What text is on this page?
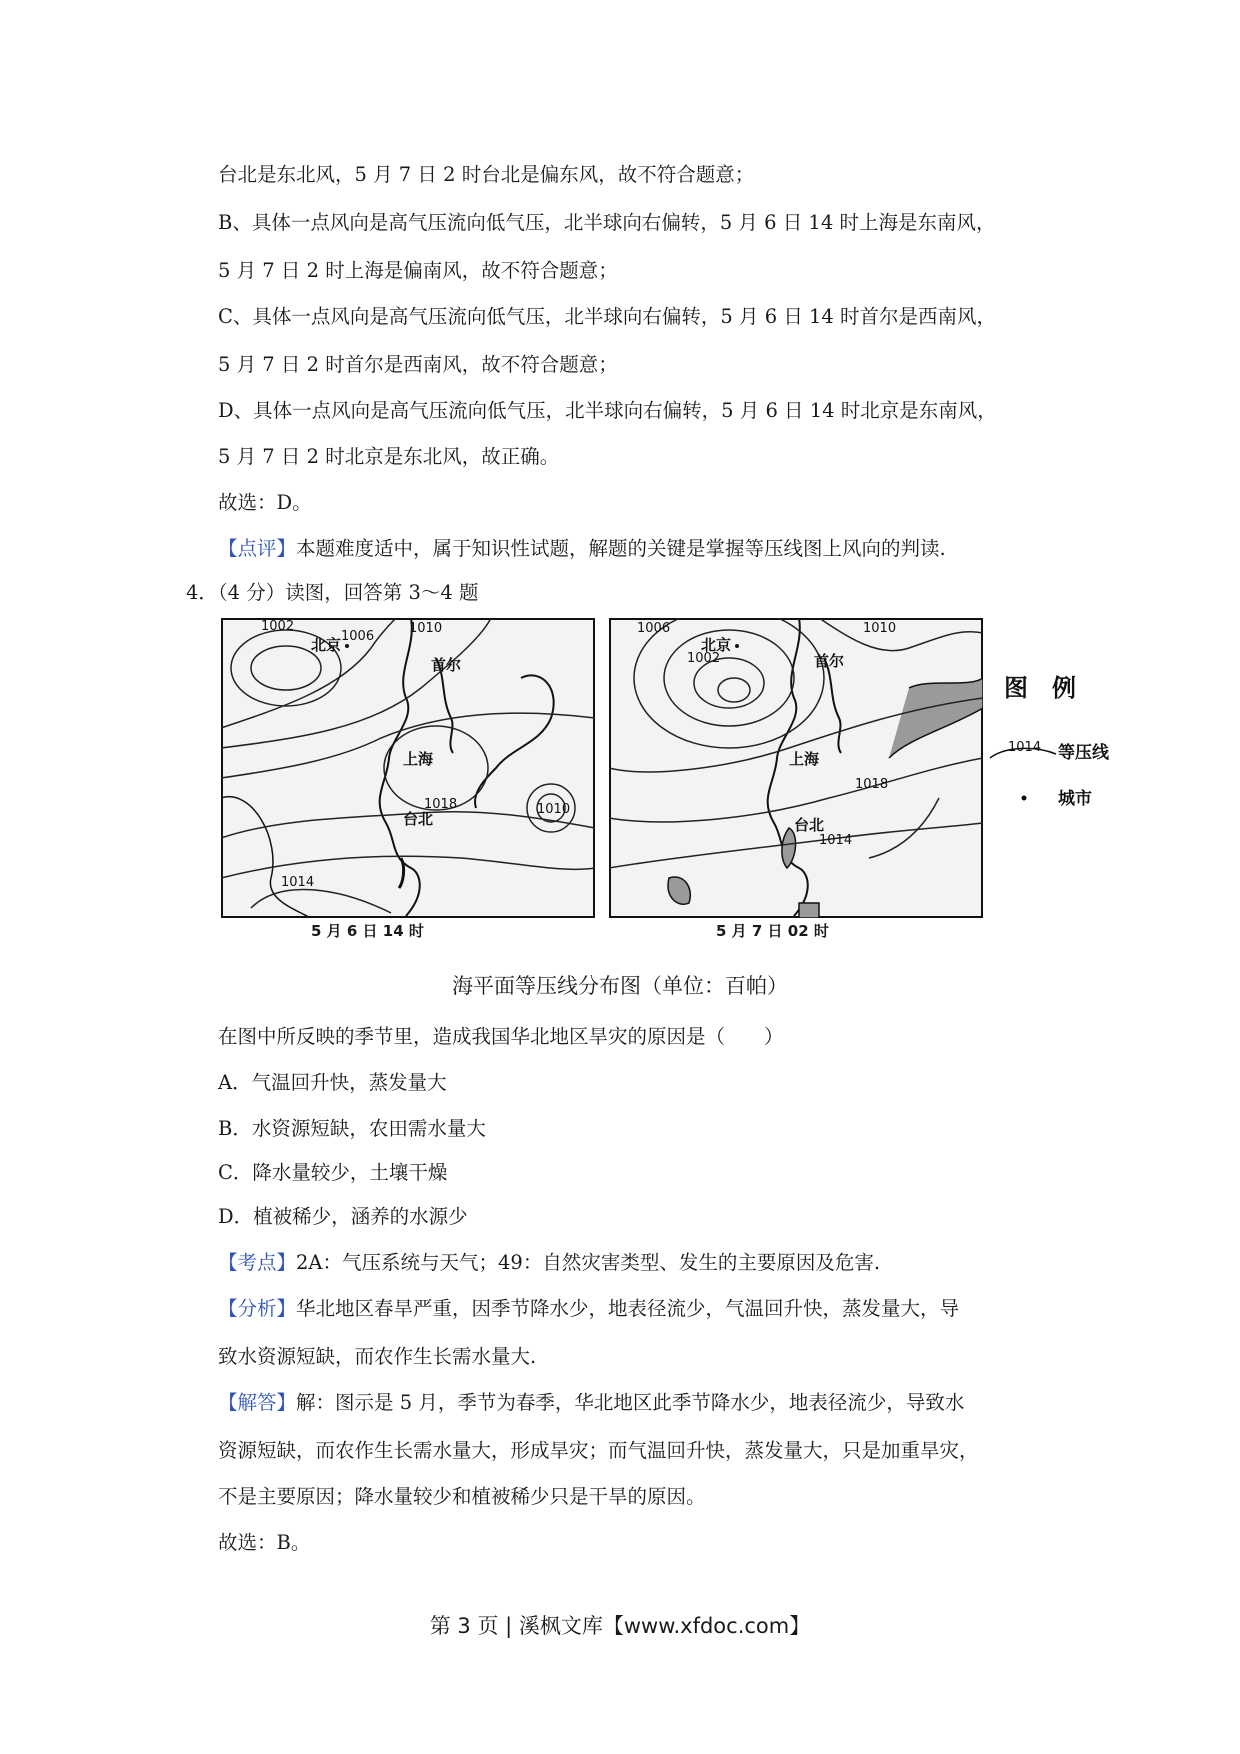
台北是东北风，5 月 7 日 2 时台北是偏东风，故不符合题意；
B、具体一点风向是高气压流向低气压，北半球向右偏转，5 月 6 日 14 时上海是东南风，
5 月 7 日 2 时上海是偏南风，故不符合题意；
C、具体一点风向是高气压流向低气压，北半球向右偏转，5 月 6 日 14 时首尔是西南风，
5 月 7 日 2 时首尔是西南风，故不符合题意；
D、具体一点风向是高气压流向低气压，北半球向右偏转，5 月 6 日 14 时北京是东南风，
5 月 7 日 2 时北京是东北风，故正确。
故选：D。
【点评】本题难度适中，属于知识性试题，解题的关键是掌握等压线图上风向的判读.
4．（4 分）读图，回答第 3～4 题
1002
1006
1010
1018	1010
1014
北京
首尔
上海
台北
5 月 6 日 14 时
1006
1002
1010
1018
1014
北京
首尔
上海
台北
5 月 7 日 02 时
图　例
1014 等压线
城市
海平面等压线分布图（单位：百帕）
在图中所反映的季节里，造成我国华北地区旱灾的原因是（　　）
A．气温回升快，蒸发量大
B．水资源短缺，农田需水量大
C．降水量较少，土壤干燥
D．植被稀少，涵养的水源少
【考点】2A：气压系统与天气；49：自然灾害类型、发生的主要原因及危害.
【分析】华北地区春旱严重，因季节降水少，地表径流少，气温回升快，蒸发量大，导
致水资源短缺，而农作生长需水量大.
【解答】解：图示是 5 月，季节为春季，华北地区此季节降水少，地表径流少，导致水
资源短缺，而农作生长需水量大，形成旱灾；而气温回升快，蒸发量大，只是加重旱灾，
不是主要原因；降水量较少和植被稀少只是干旱的原因。
故选：B。
第 3 页 | 溪枫文库【www.xfdoc.com】
